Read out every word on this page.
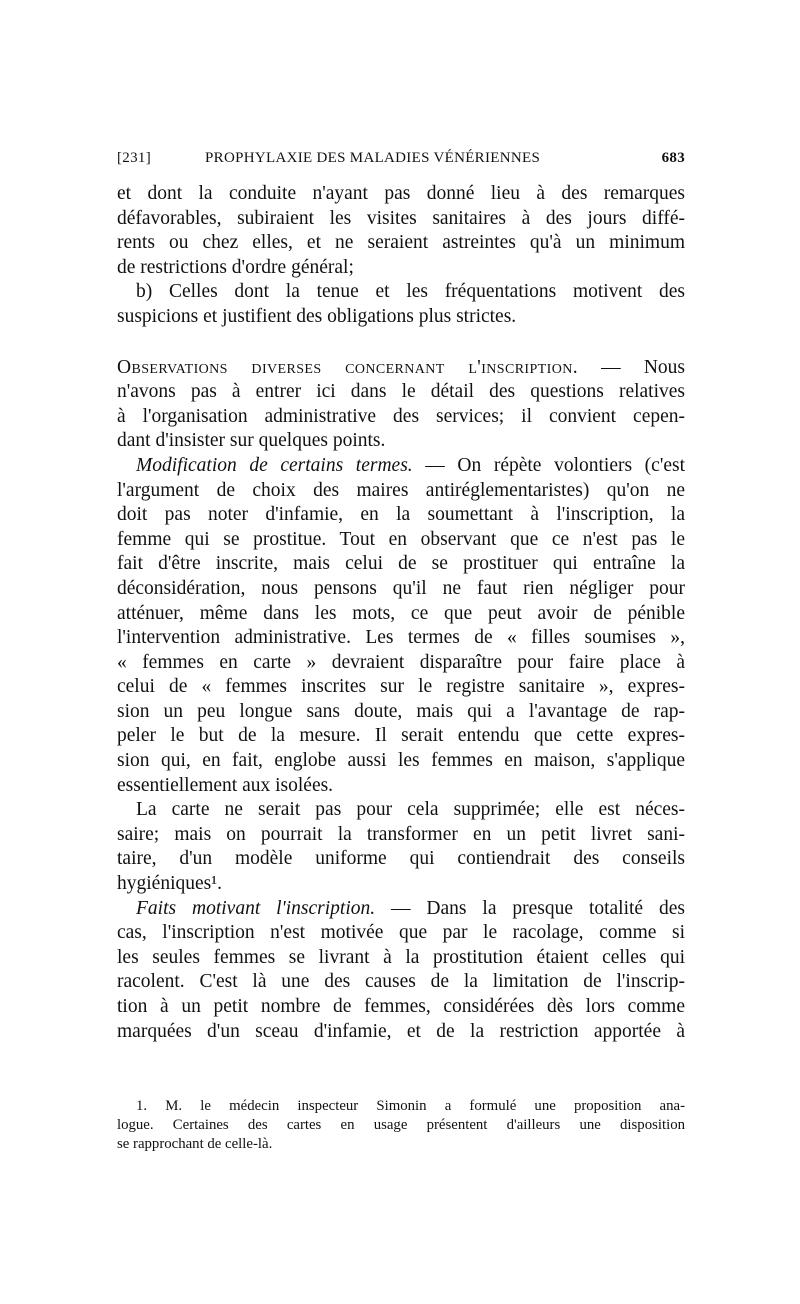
[231]	PROPHYLAXIE DES MALADIES VÉNÉRIENNES	683
et dont la conduite n'ayant pas donné lieu à des remarques
défavorables, subiraient les visites sanitaires à des jours diffé-
rents ou chez elles, et ne seraient astreintes qu'à un minimum
de restrictions d'ordre général;
b) Celles dont la tenue et les fréquentations motivent des
suspicions et justifient des obligations plus strictes.
Observations diverses concernant l'inscription. — Nous
n'avons pas à entrer ici dans le détail des questions relatives
à l'organisation administrative des services; il convient cepen-
dant d'insister sur quelques points.
Modification de certains termes. — On répète volontiers (c'est
l'argument de choix des maires antiréglementaristes) qu'on ne
doit pas noter d'infamie, en la soumettant à l'inscription, la
femme qui se prostitue. Tout en observant que ce n'est pas le
fait d'être inscrite, mais celui de se prostituer qui entraîne la
déconsidération, nous pensons qu'il ne faut rien négliger pour
atténuer, même dans les mots, ce que peut avoir de pénible
l'intervention administrative. Les termes de « filles soumises »,
« femmes en carte » devraient disparaître pour faire place à
celui de « femmes inscrites sur le registre sanitaire », expres-
sion un peu longue sans doute, mais qui a l'avantage de rap-
peler le but de la mesure. Il serait entendu que cette expres-
sion qui, en fait, englobe aussi les femmes en maison, s'applique
essentiellement aux isolées.
La carte ne serait pas pour cela supprimée; elle est néces-
saire; mais on pourrait la transformer en un petit livret sani-
taire, d'un modèle uniforme qui contiendrait des conseils
hygiéniques¹.
Faits motivant l'inscription. — Dans la presque totalité des
cas, l'inscription n'est motivée que par le racolage, comme si
les seules femmes se livrant à la prostitution étaient celles qui
racolent. C'est là une des causes de la limitation de l'inscrip-
tion à un petit nombre de femmes, considérées dès lors comme
marquées d'un sceau d'infamie, et de la restriction apportée à
1. M. le médecin inspecteur Simonin a formulé une proposition ana-
logue. Certaines des cartes en usage présentent d'ailleurs une disposition
se rapprochant de celle-là.
